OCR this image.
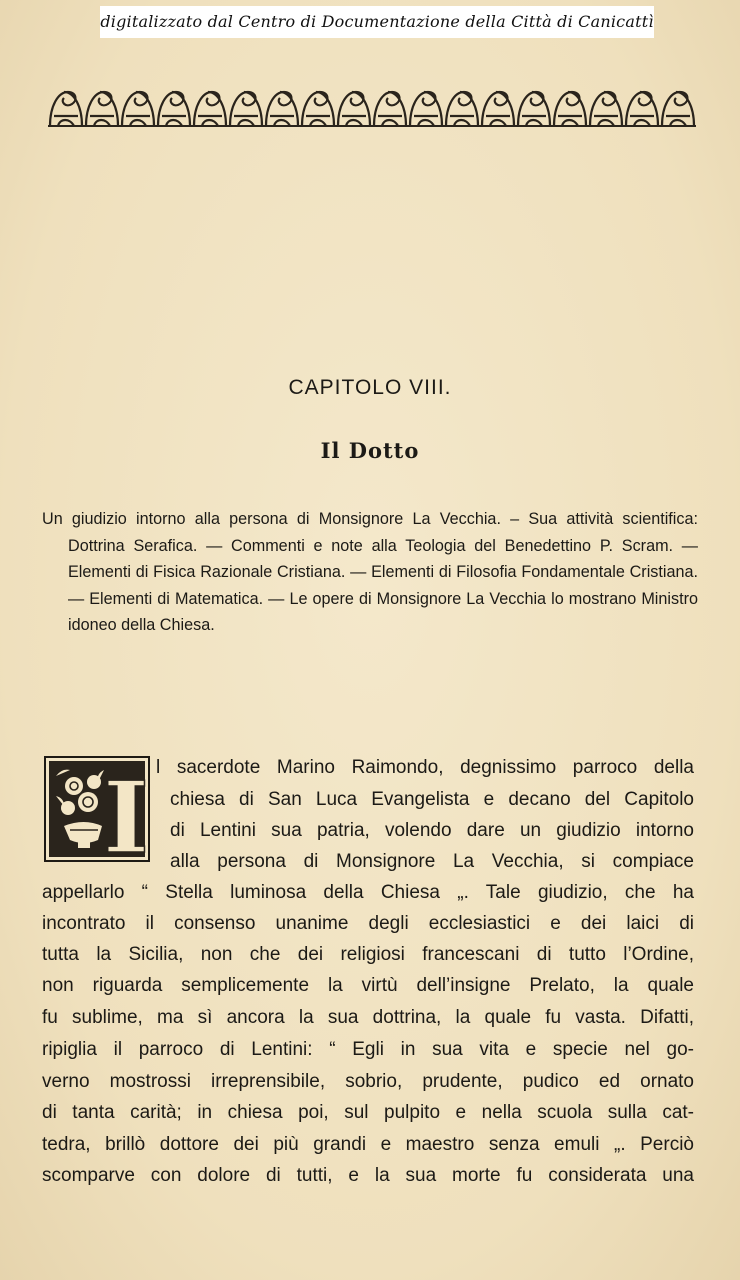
digitalizzato dal Centro di Documentazione della Città di Canicattì
CAPITOLO VIII.
Il Dotto
Un giudizio intorno alla persona di Monsignore La Vecchia. – Sua attività scientifica: Dottrina Serafica. — Commenti e note alla Teologia del Benedettino P. Scram. — Elementi di Fisica Razionale Cristiana. — Elementi di Filosofia Fondamentale Cristiana. — Elementi di Matematica. — Le opere di Monsignore La Vecchia lo mostrano Ministro idoneo della Chiesa.
I l sacerdote Marino Raimondo, degnissimo parroco della
chiesa di San Luca Evangelista e decano del Capitolo
di Lentini sua patria, volendo dare un giudizio intorno
alla persona di Monsignore La Vecchia, si compiace
appellarlo “ Stella luminosa della Chiesa „. Tale giudizio, che ha
incontrato il consenso unanime degli ecclesiastici e dei laici di
tutta la Sicilia, non che dei religiosi francescani di tutto l’Ordine,
non riguarda semplicemente la virtù dell’insigne Prelato, la quale
fu sublime, ma sì ancora la sua dottrina, la quale fu vasta. Difatti,
ripiglia il parroco di Lentini: “ Egli in sua vita e specie nel go-
verno mostrossi irreprensibile, sobrio, prudente, pudico ed ornato
di tanta carità; in chiesa poi, sul pulpito e nella scuola sulla cat-
tedra, brillò dottore dei più grandi e maestro senza emuli „. Perciò
scomparve con dolore di tutti, e la sua morte fu considerata una
